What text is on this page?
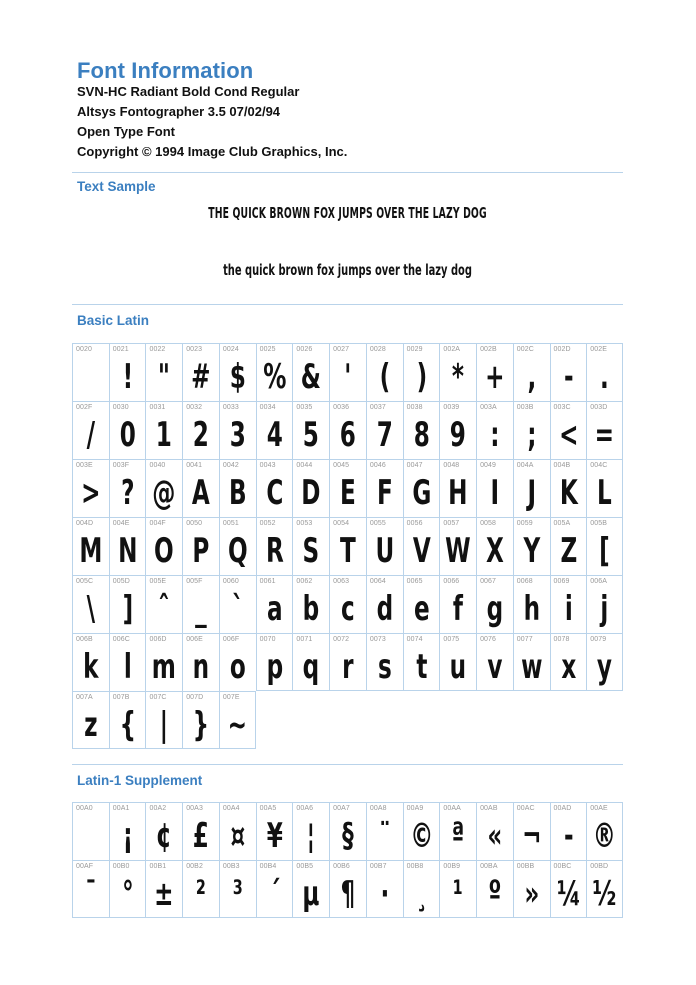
Font Information
SVN-HC Radiant Bold Cond Regular
Altsys Fontographer 3.5 07/02/94
Open Type Font
Copyright © 1994 Image Club Graphics, Inc.
Text Sample
THE QUICK BROWN FOX JUMPS OVER THE LAZY DOG
the quick brown fox jumps over the lazy dog
Basic Latin
0020	0021
!
0022
"
0023
#
0024
$
0025
%
0026
&
0027
'
0028
(
0029
)
002A
*
002B
+
002C
,
002D
-
002E
.
002F
/
0030
0
0031
1
0032
2
0033
3
0034
4
0035
5
0036
6
0037
7
0038
8
0039
9
003A
:
003B
;
003C
<
003D
=
003E
>
003F
?
0040
@
0041
A
0042
B
0043
C
0044
D
0045
E
0046
F
0047
G
0048
H
0049
I
004A
J
004B
K
004C
L
004D
M
004E
N
004F
O
0050
P
0051
Q
0052
R
0053
S
0054
T
0055
U
0056
V
0057
W
0058
X
0059
Y
005A
Z
005B
[
005C
\
005D
]
005E
ˆ
005F
_
0060
`
0061
a
0062
b
0063
c
0064
d
0065
e
0066
f
0067
g
0068
h
0069
i
006A
j
006B
k
006C
l
006D
m
006E
n
006F
o
0070
p
0071
q
0072
r
0073
s
0074
t
0075
u
0076
v
0077
w
0078
x
0079
y
007A
z
007B
{
007C
|
007D
}
007E
~
Latin-1 Supplement
00A0	00A1
¡
00A2
¢
00A3
£
00A4
¤
00A5
¥
00A6
¦
00A7
§
00A8
¨
00A9
©
00AA
ª
00AB
«
00AC
¬
00AD
-
00AE
®
00AF
¯
00B0
°
00B1
±
00B2
²
00B3
³
00B4
´
00B5
µ
00B6
¶
00B7
·
00B8
¸
00B9
¹
00BA
º
00BB
»
00BC
¼
00BD
½
